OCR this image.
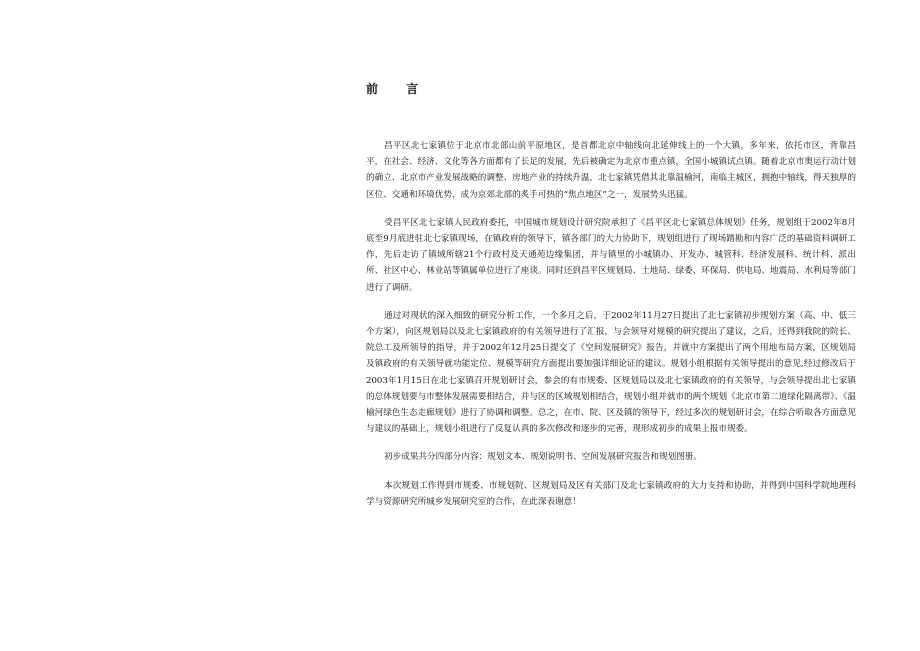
前 言

昌平区北七家镇位于北京市北部山前平原地区，是首都北京中轴线向北延伸线上的一个大镇，多年来，依托市区，背靠昌平，在社会、经济、文化等各方面都有了长足的发展，先后被确定为北京市重点镇，全国小城镇试点镇。随着北京市奥运行动计划的确立、北京市产业发展战略的调整、房地产业的持续升温，北七家镇凭借其北靠温榆河，南临主城区，拥抱中轴线，得天独厚的区位、交通和环境优势，成为京郊北部的炙手可热的“焦点地区”之一，发展势头迅猛。

受昌平区北七家镇人民政府委托，中国城市规划设计研究院承担了《昌平区北七家镇总体规划》任务，规划组于2002年8月底至9月底进驻北七家镇现场，在镇政府的领导下，镇各部门的大力协助下，规划组进行了现场踏勘和内容广泛的基础资料调研工作，先后走访了镇域所辖21个行政村及天通苑边缘集团，并与镇里的小城镇办、开发办、城管科、经济发展科、统计科、派出所、社区中心、林业站等镇属单位进行了座谈。同时还到昌平区规划局、土地局、绿委、环保局、供电局、地震局、水利局等部门进行了调研。

通过对现状的深入细致的研究分析工作，一个多月之后，于2002年11月27日提出了北七家镇初步规划方案（高、中、低三个方案），向区规划局以及北七家镇政府的有关领导进行了汇报，与会领导对规模的研究提出了建议，之后，还得到我院的院长、院总工及所领导的指导，并于2002年12月25日提交了《空间发展研究》报告，并就中方案提出了两个用地布局方案，区规划局及镇政府的有关领导就功能定位、规模等研究方面提出要加强详细论证的建议。规划小组根据有关领导提出的意见,经过修改后于2003年1月15日在北七家镇召开规划研讨会，参会的有市规委、区规划局以及北七家镇政府的有关领导，与会领导提出北七家镇的总体规划要与市整体发展需要相结合，并与区的区域规划相结合，规划小组并就市的两个规划《北京市第二道绿化隔离带》、《温榆河绿色生态走廊规划》进行了协调和调整。总之，在市、院、区及镇的领导下，经过多次的规划研讨会，在综合听取各方面意见与建议的基础上，规划小组进行了反复认真的多次修改和逐步的完善，现形成初步的成果上报市规委。

初步成果共分四部分内容：规划文本、规划说明书、空间发展研究报告和规划图册。

本次规划工作得到市规委、市规划院、区规划局及区有关部门及北七家镇政府的大力支持和协助，并得到中国科学院地理科学与资源研究所城乡发展研究室的合作，在此深表谢意！
